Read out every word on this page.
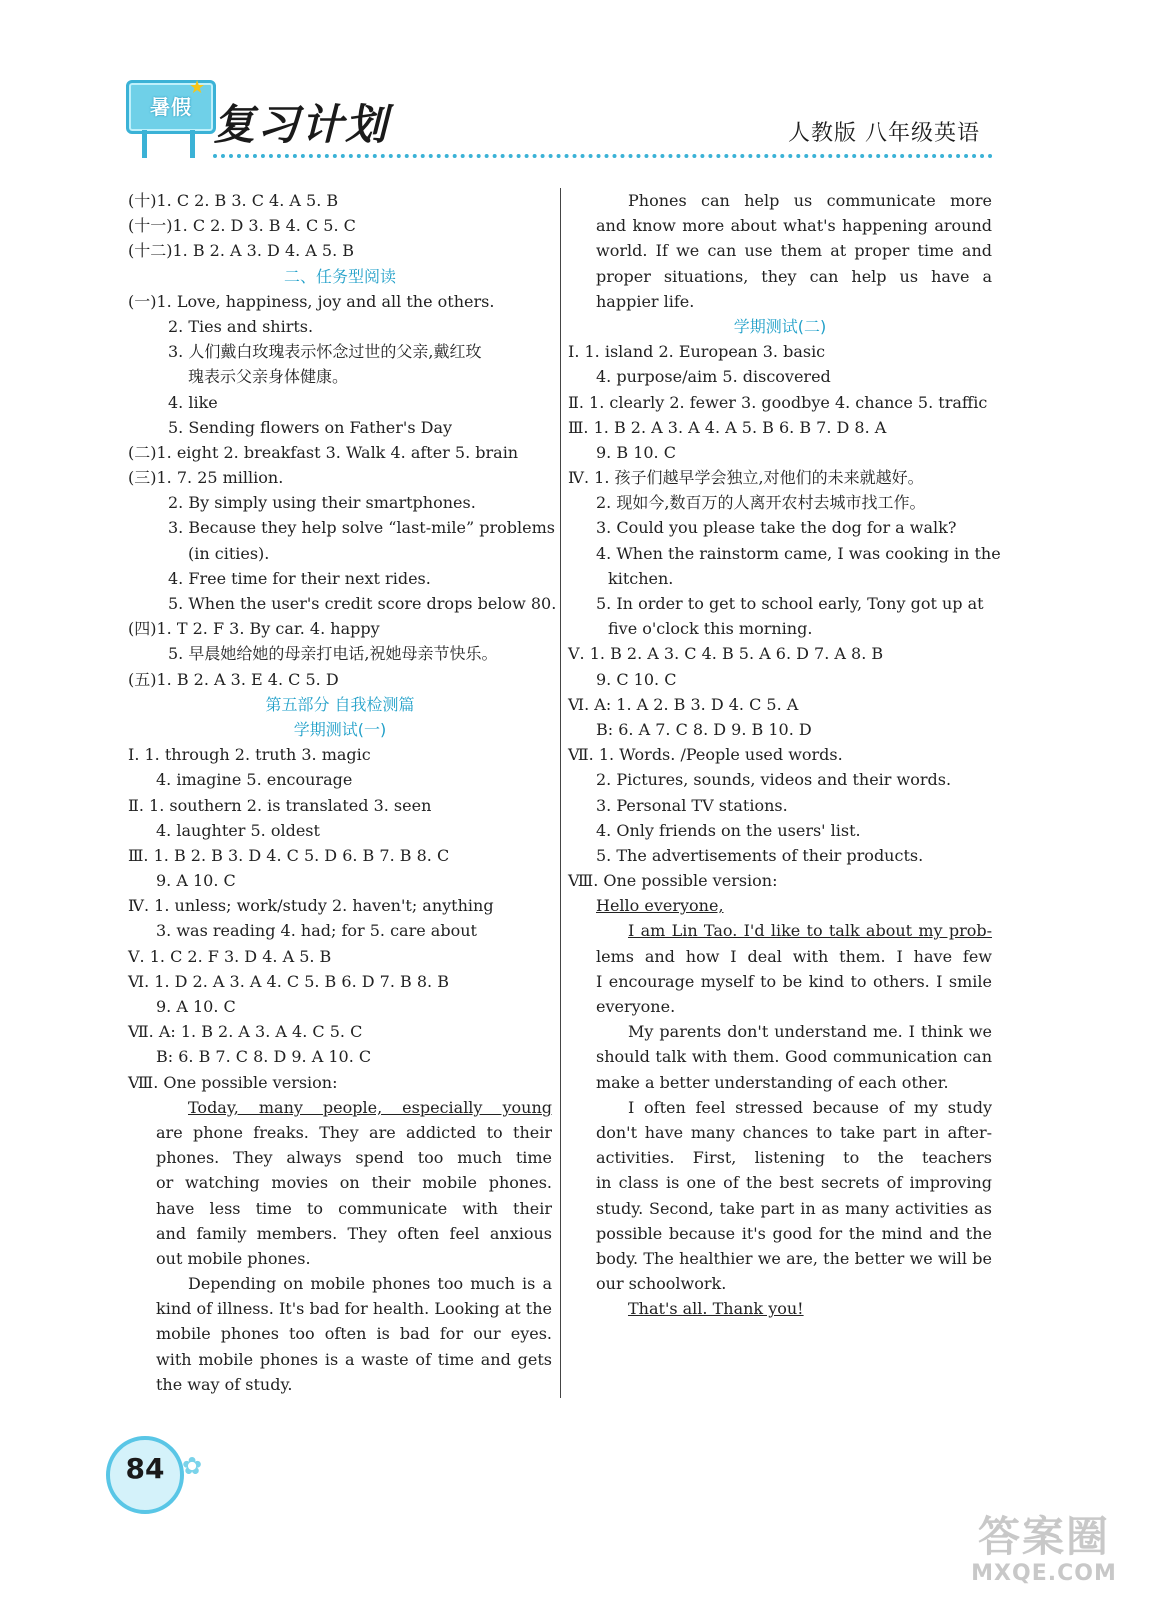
暑假
★
复习计划	人教版 八年级英语
(十)1. C 2. B 3. C 4. A 5. B
(十一)1. C 2. D 3. B 4. C 5. C
(十二)1. B 2. A 3. D 4. A 5. B
二、任务型阅读
(一)1. Love, happiness, joy and all the others.
2. Ties and shirts.
3. 人们戴白玫瑰表示怀念过世的父亲,戴红玫
瑰表示父亲身体健康。
4. like
5. Sending flowers on Father's Day
(二)1. eight 2. breakfast 3. Walk 4. after 5. brain
(三)1. 7. 25 million.
2. By simply using their smartphones.
3. Because they help solve “last-mile” problems
(in cities).
4. Free time for their next rides.
5. When the user's credit score drops below 80.
(四)1. T 2. F 3. By car. 4. happy
5. 早晨她给她的母亲打电话,祝她母亲节快乐。
(五)1. B 2. A 3. E 4. C 5. D
第五部分 自我检测篇
学期测试(一)
Ⅰ. 1. through 2. truth 3. magic
4. imagine 5. encourage
Ⅱ. 1. southern 2. is translated 3. seen
4. laughter 5. oldest
Ⅲ. 1. B 2. B 3. D 4. C 5. D 6. B 7. B 8. C
9. A 10. C
Ⅳ. 1. unless; work/study 2. haven't; anything
3. was reading 4. had; for 5. care about
Ⅴ. 1. C 2. F 3. D 4. A 5. B
Ⅵ. 1. D 2. A 3. A 4. C 5. B 6. D 7. B 8. B
9. A 10. C
Ⅶ. A: 1. B 2. A 3. A 4. C 5. C
B: 6. B 7. C 8. D 9. A 10. C
Ⅷ. One possible version:
Today, many people, especially young
are phone freaks. They are addicted to their
phones. They always spend too much time
or watching movies on their mobile phones.
have less time to communicate with their
and family members. They often feel anxious
out mobile phones.
Depending on mobile phones too much is a
kind of illness. It's bad for health. Looking at the
mobile phones too often is bad for our eyes.
with mobile phones is a waste of time and gets
the way of study.
Phones can help us communicate more
and know more about what's happening around
world. If we can use them at proper time and
proper situations, they can help us have a
happier life.
学期测试(二)
Ⅰ. 1. island 2. European 3. basic
4. purpose/aim 5. discovered
Ⅱ. 1. clearly 2. fewer 3. goodbye 4. chance 5. traffic
Ⅲ. 1. B 2. A 3. A 4. A 5. B 6. B 7. D 8. A
9. B 10. C
Ⅳ. 1. 孩子们越早学会独立,对他们的未来就越好。
2. 现如今,数百万的人离开农村去城市找工作。
3. Could you please take the dog for a walk?
4. When the rainstorm came, I was cooking in the
kitchen.
5. In order to get to school early, Tony got up at
five o'clock this morning.
Ⅴ. 1. B 2. A 3. C 4. B 5. A 6. D 7. A 8. B
9. C 10. C
Ⅵ. A: 1. A 2. B 3. D 4. C 5. A
B: 6. A 7. C 8. D 9. B 10. D
Ⅶ. 1. Words. /People used words.
2. Pictures, sounds, videos and their words.
3. Personal TV stations.
4. Only friends on the users' list.
5. The advertisements of their products.
Ⅷ. One possible version:
Hello everyone,
I am Lin Tao. I'd like to talk about my prob-
lems and how I deal with them. I have few
I encourage myself to be kind to others. I smile
everyone.
My parents don't understand me. I think we
should talk with them. Good communication can
make a better understanding of each other.
I often feel stressed because of my study
don't have many chances to take part in after-
activities. First, listening to the teachers
in class is one of the best secrets of improving
study. Second, take part in as many activities as
possible because it's good for the mind and the
body. The healthier we are, the better we will be
our schoolwork.
That's all. Thank you!
84 ✿
答案圈
MXQE.COM
